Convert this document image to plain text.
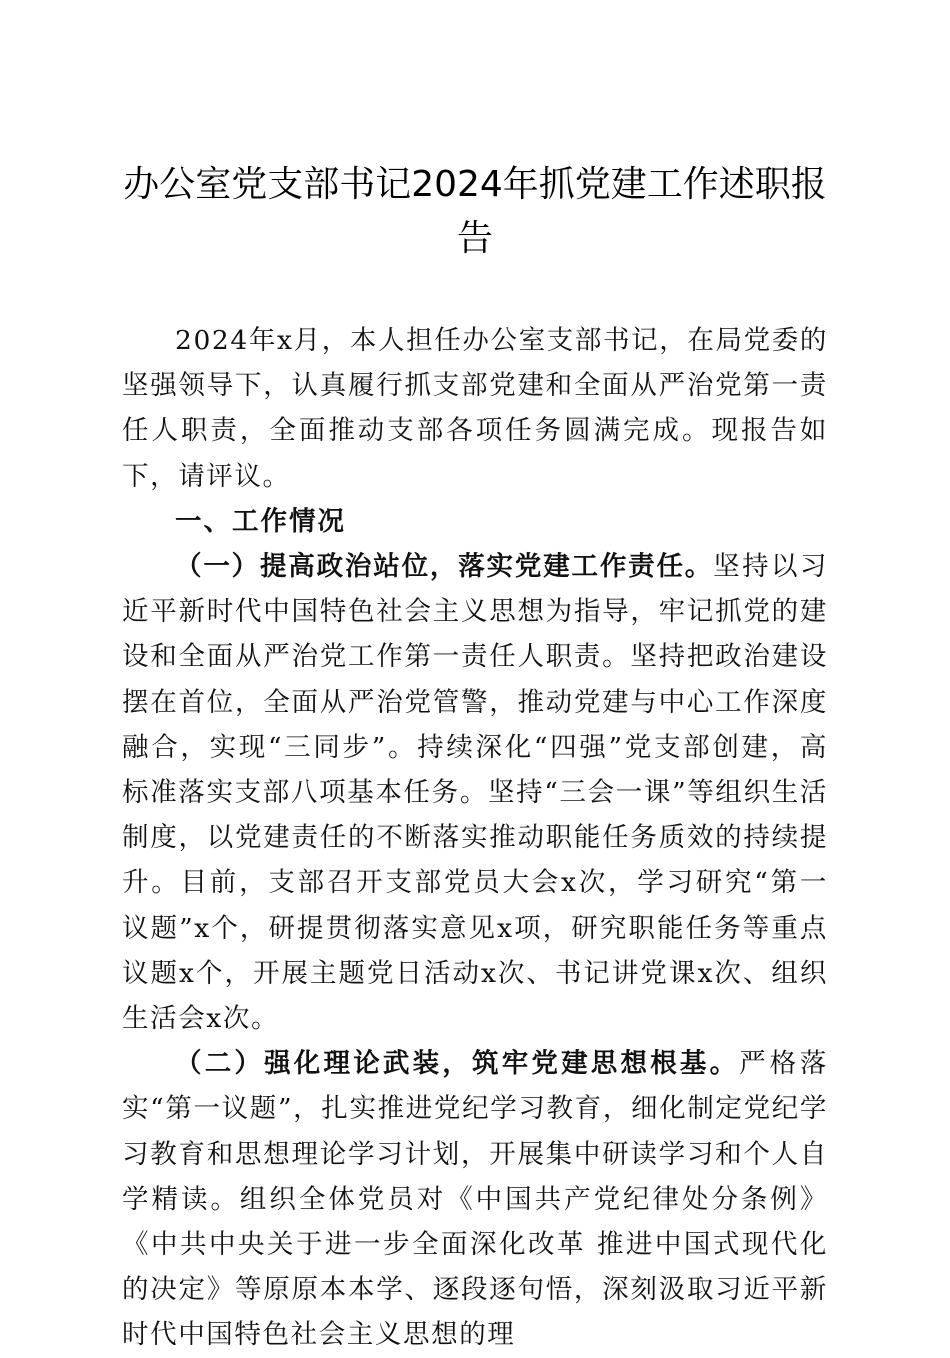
办公室党支部书记2024年抓党建工作述职报告

2024年x月，本人担任办公室支部书记，在局党委的坚强领导下，认真履行抓支部党建和全面从严治党第一责任人职责，全面推动支部各项任务圆满完成。现报告如下，请评议。

一、工作情况

（一）提高政治站位，落实党建工作责任。坚持以习近平新时代中国特色社会主义思想为指导，牢记抓党的建设和全面从严治党工作第一责任人职责。坚持把政治建设摆在首位，全面从严治党管警，推动党建与中心工作深度融合，实现“三同步”。持续深化“四强”党支部创建，高标准落实支部八项基本任务。坚持“三会一课”等组织生活制度，以党建责任的不断落实推动职能任务质效的持续提升。目前，支部召开支部党员大会x次，学习研究“第一议题”x个，研提贯彻落实意见x项，研究职能任务等重点议题x个，开展主题党日活动x次、书记讲党课x次、组织生活会x次。

（二）强化理论武装，筑牢党建思想根基。严格落实“第一议题”，扎实推进党纪学习教育，细化制定党纪学习教育和思想理论学习计划，开展集中研读学习和个人自学精读。组织全体党员对《中国共产党纪律处分条例》《中共中央关于进一步全面深化改革 推进中国式现代化的决定》等原原本本学、逐段逐句悟，深刻汲取习近平新时代中国特色社会主义思想的理
